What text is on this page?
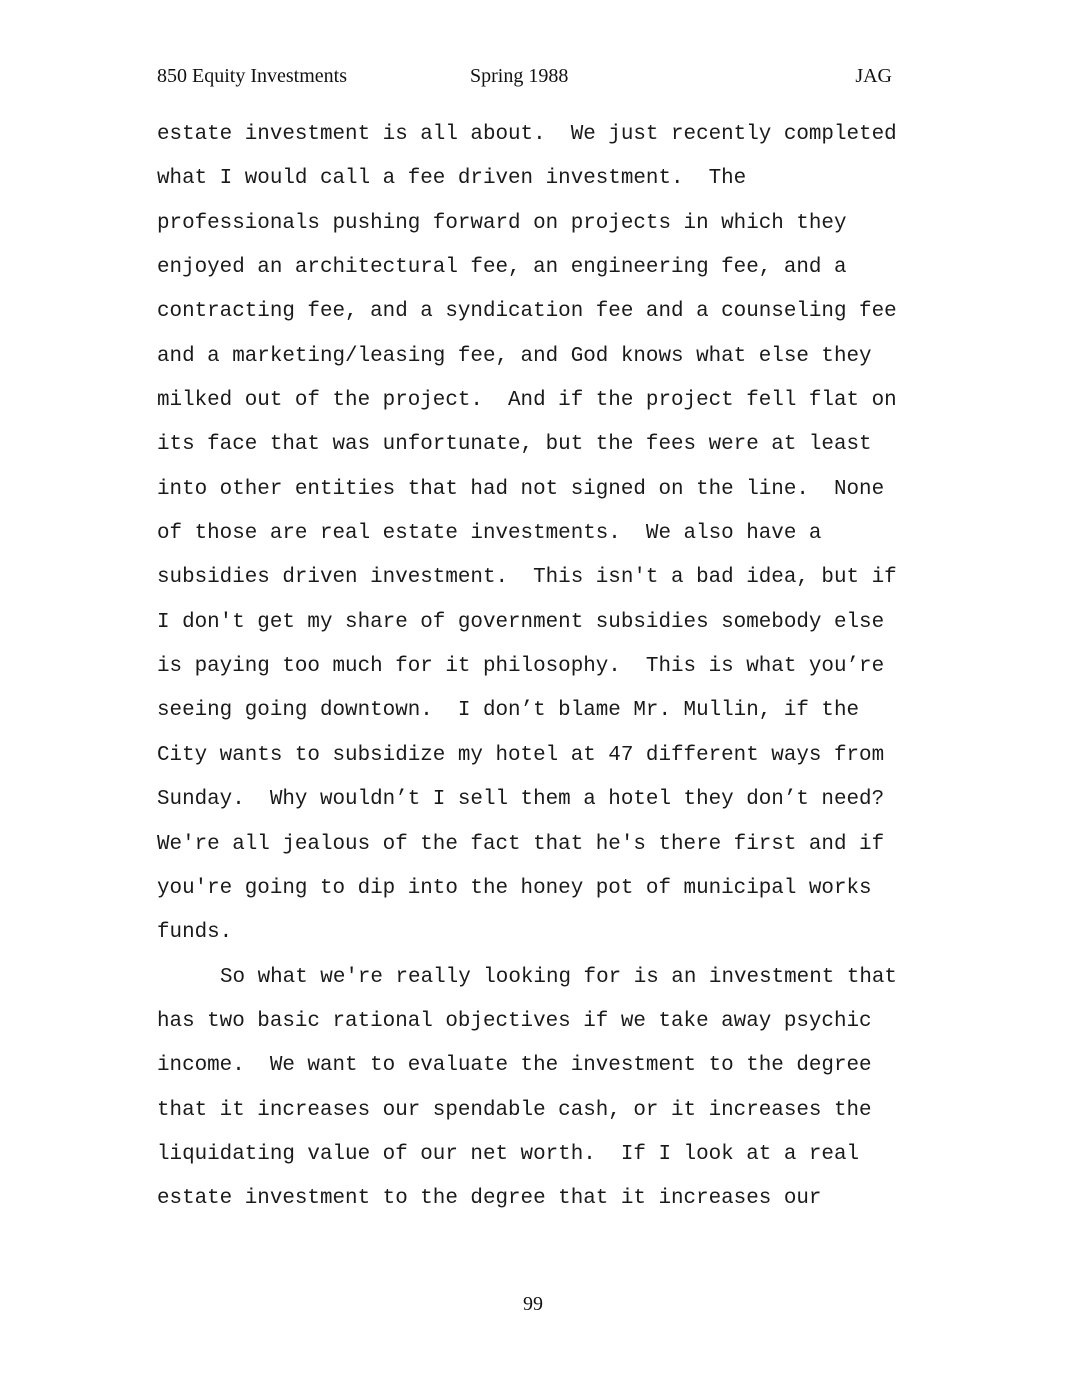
850 Equity Investments	Spring 1988	JAG
estate investment is all about.  We just recently completed
what I would call a fee driven investment.  The
professionals pushing forward on projects in which they
enjoyed an architectural fee, an engineering fee, and a
contracting fee, and a syndication fee and a counseling fee
and a marketing/leasing fee, and God knows what else they
milked out of the project.  And if the project fell flat on
its face that was unfortunate, but the fees were at least
into other entities that had not signed on the line.  None
of those are real estate investments.  We also have a
subsidies driven investment.  This isn't a bad idea, but if
I don't get my share of government subsidies somebody else
is paying too much for it philosophy.  This is what you’re
seeing going downtown.  I don’t blame Mr. Mullin, if the
City wants to subsidize my hotel at 47 different ways from
Sunday.  Why wouldn’t I sell them a hotel they don’t need?
We're all jealous of the fact that he's there first and if
you're going to dip into the honey pot of municipal works
funds.
So what we're really looking for is an investment that
has two basic rational objectives if we take away psychic
income.  We want to evaluate the investment to the degree
that it increases our spendable cash, or it increases the
liquidating value of our net worth.  If I look at a real
estate investment to the degree that it increases our
99
